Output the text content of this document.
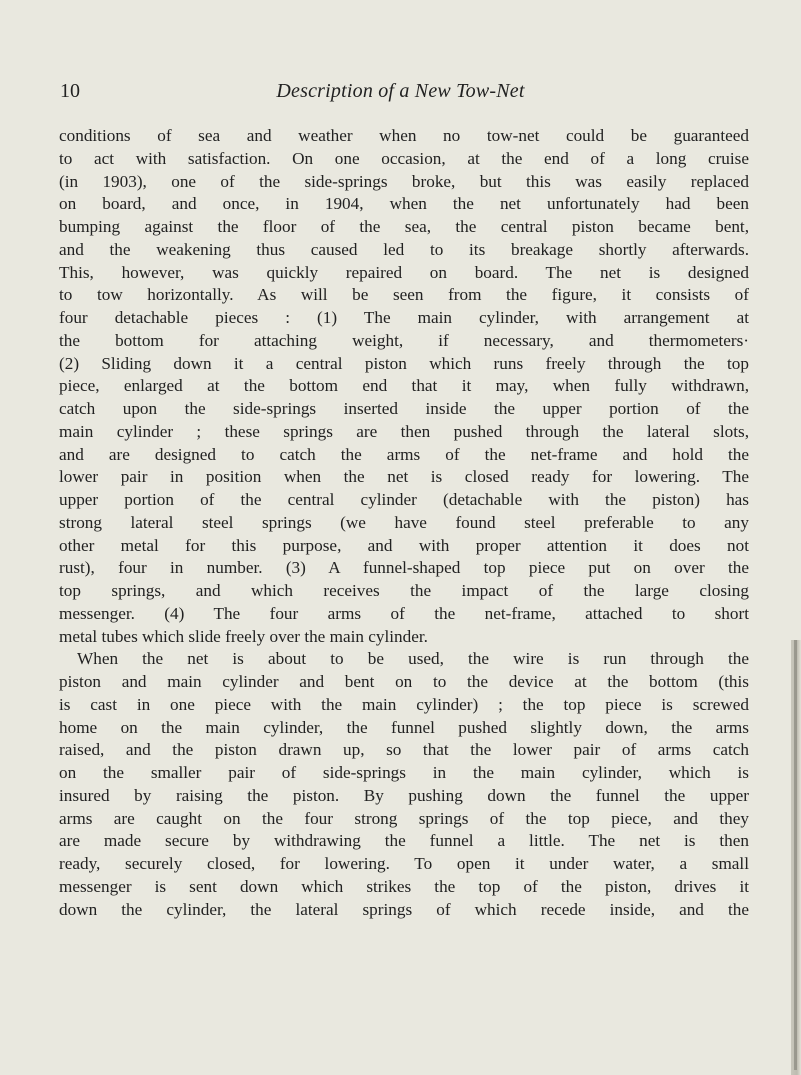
10	Description of a New Tow-Net
conditions of sea and weather when no tow-net could be guaranteed
to act with satisfaction. On one occasion, at the end of a long cruise
(in 1903), one of the side-springs broke, but this was easily replaced
on board, and once, in 1904, when the net unfortunately had been
bumping against the floor of the sea, the central piston became bent,
and the weakening thus caused led to its breakage shortly afterwards.
This, however, was quickly repaired on board. The net is designed
to tow horizontally. As will be seen from the figure, it consists of
four detachable pieces : (1) The main cylinder, with arrangement at
the bottom for attaching weight, if necessary, and thermometers·
(2) Sliding down it a central piston which runs freely through the top
piece, enlarged at the bottom end that it may, when fully withdrawn,
catch upon the side-springs inserted inside the upper portion of the
main cylinder ; these springs are then pushed through the lateral slots,
and are designed to catch the arms of the net-frame and hold the
lower pair in position when the net is closed ready for lowering. The
upper portion of the central cylinder (detachable with the piston) has
strong lateral steel springs (we have found steel preferable to any
other metal for this purpose, and with proper attention it does not
rust), four in number. (3) A funnel-shaped top piece put on over the
top springs, and which receives the impact of the large closing
messenger. (4) The four arms of the net-frame, attached to short
metal tubes which slide freely over the main cylinder.
When the net is about to be used, the wire is run through the
piston and main cylinder and bent on to the device at the bottom (this
is cast in one piece with the main cylinder) ; the top piece is screwed
home on the main cylinder, the funnel pushed slightly down, the arms
raised, and the piston drawn up, so that the lower pair of arms catch
on the smaller pair of side-springs in the main cylinder, which is
insured by raising the piston. By pushing down the funnel the upper
arms are caught on the four strong springs of the top piece, and they
are made secure by withdrawing the funnel a little. The net is then
ready, securely closed, for lowering. To open it under water, a small
messenger is sent down which strikes the top of the piston, drives it
down the cylinder, the lateral springs of which recede inside, and the
